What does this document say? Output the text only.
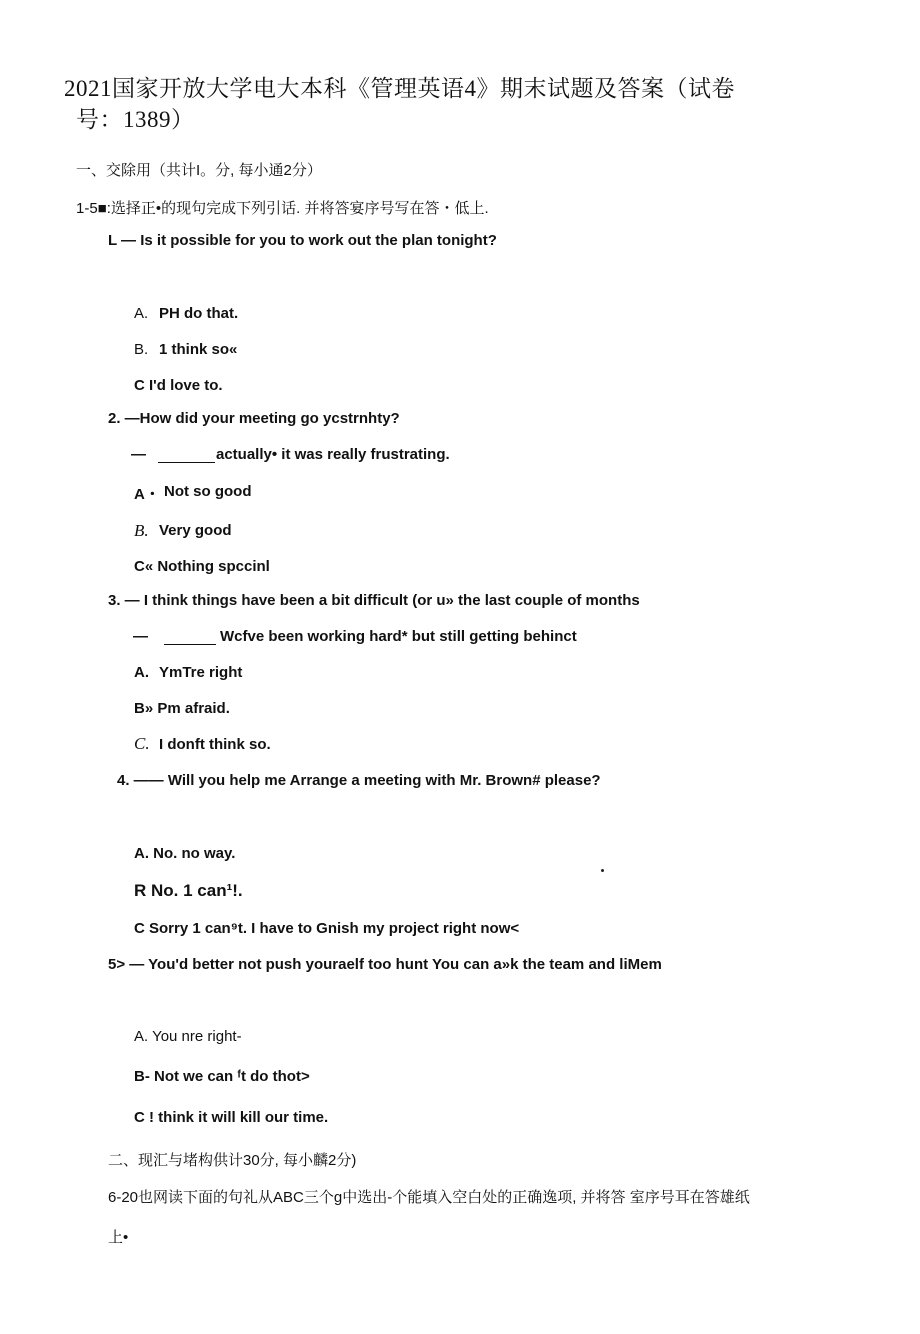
2021国家开放大学电大本科《管理英语4》期末试题及答案（试卷
号：1389）
一、交除用（共计I。分, 每小通2分）
1-5■:选择正•的现句完成下列引话. 并将答宴序号写在答・低上.
L — Is it possible for you to work out the plan tonight?
A. PH do that.
B. 1 think so«
C I'd love to.
2. —How did your meeting go ycstrnhty?
—	actually• it was really frustrating.
A・ Not so good
B. Very good
C« Nothing spccinl
3. — I think things have been a bit difficult (or u» the last couple of months
—	Wcfve been working hard* but still getting behinct
A. YmTre right
B» Pm afraid.
C. I donft think so.
4. —— Will you help me Arrange a meeting with Mr. Brown# please?
A. No. no way.
R No. 1 can¹!.
C Sorry 1 can⁹t. I have to Gnish my project right now<
5> — You'd better not push youraelf too hunt You can a»k the team and liMem
A. You nre right-
B- Not we can ᶠt do thot>
C ! think it will kill our time.
二、现汇与堵构供计30分, 每小麟2分)
6-20也网读下面的句礼从ABC三个g中选出-个能填入空白处的正确逸项, 并将答 室序号耳在答雄纸
上•
